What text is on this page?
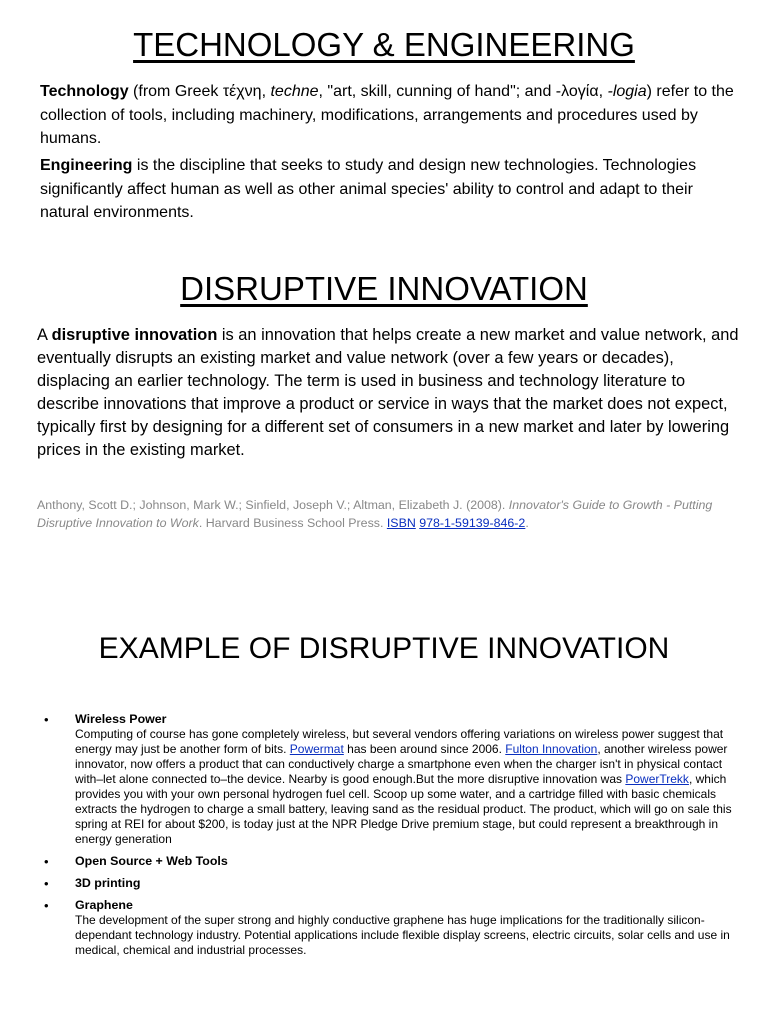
TECHNOLOGY & ENGINEERING

Technology (from Greek τέχνη, techne, "art, skill, cunning of hand"; and -λογία, -logia) refer to the collection of tools, including machinery, modifications, arrangements and procedures used by humans.

Engineering is the discipline that seeks to study and design new technologies. Technologies significantly affect human as well as other animal species' ability to control and adapt to their natural environments.

DISRUPTIVE INNOVATION

A disruptive innovation is an innovation that helps create a new market and value network, and eventually disrupts an existing market and value network (over a few years or decades), displacing an earlier technology. The term is used in business and technology literature to describe innovations that improve a product or service in ways that the market does not expect, typically first by designing for a different set of consumers in a new market and later by lowering prices in the existing market.

Anthony, Scott D.; Johnson, Mark W.; Sinfield, Joseph V.; Altman, Elizabeth J. (2008). Innovator's Guide to Growth - Putting Disruptive Innovation to Work. Harvard Business School Press. ISBN 978-1-59139-846-2.
EXAMPLE OF DISRUPTIVE INNOVATION
• Wireless Power
Computing of course has gone completely wireless, but several vendors offering variations on wireless power suggest that energy may just be another form of bits. Powermat has been around since 2006. Fulton Innovation, another wireless power innovator, now offers a product that can conductively charge a smartphone even when the charger isn't in physical contact with–let alone connected to–the device. Nearby is good enough.But the more disruptive innovation was PowerTrekk, which provides you with your own personal hydrogen fuel cell. Scoop up some water, and a cartridge filled with basic chemicals extracts the hydrogen to charge a small battery, leaving sand as the residual product. The product, which will go on sale this spring at REI for about $200, is today just at the NPR Pledge Drive premium stage, but could represent a breakthrough in energy generation
• Open Source + Web Tools
• 3D printing
• Graphene
The development of the super strong and highly conductive graphene has huge implications for the traditionally silicon-dependant technology industry. Potential applications include flexible display screens, electric circuits, solar cells and use in medical, chemical and industrial processes.
